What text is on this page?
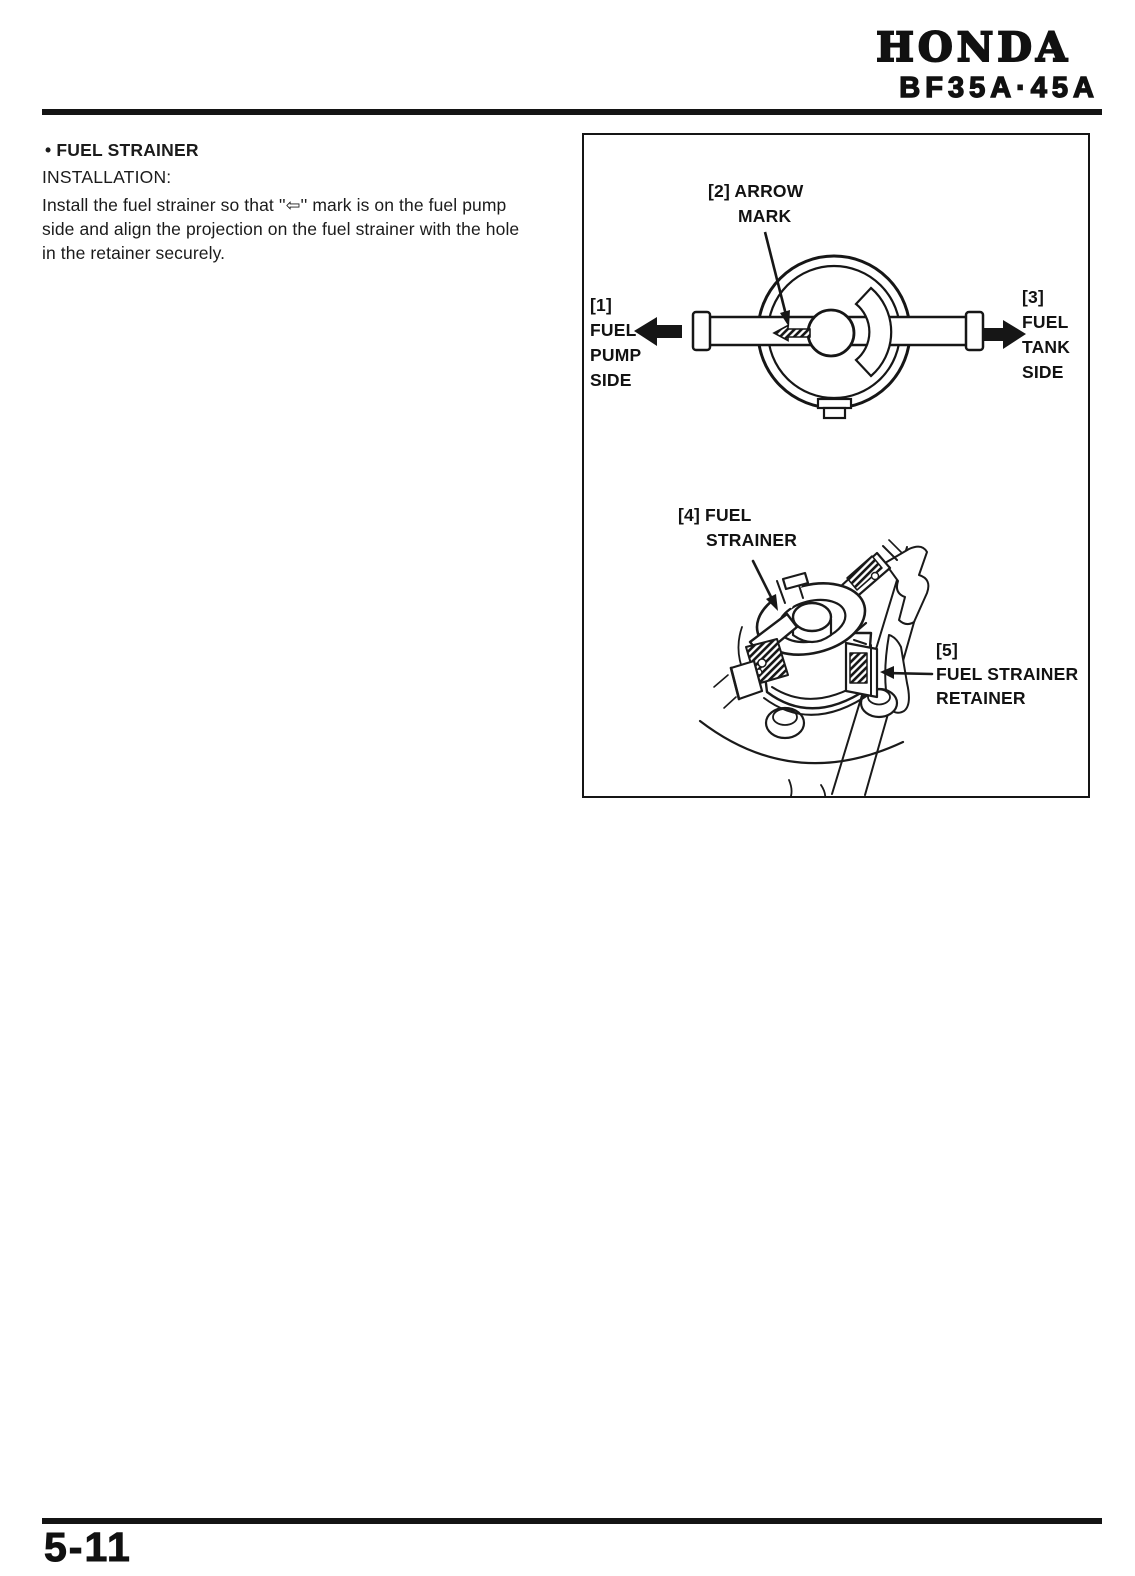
HONDA
BF35A·45A
• FUEL STRAINER
INSTALLATION:
Install the fuel strainer so that ''⇦'' mark is on the fuel pump
side and align the projection on the fuel strainer with the hole
in the retainer securely.
[2] ARROW
MARK
[1]
FUEL
PUMP
SIDE
[3]
FUEL
TANK
SIDE
[4] FUEL
STRAINER
[5]
FUEL STRAINER
RETAINER
5-11
